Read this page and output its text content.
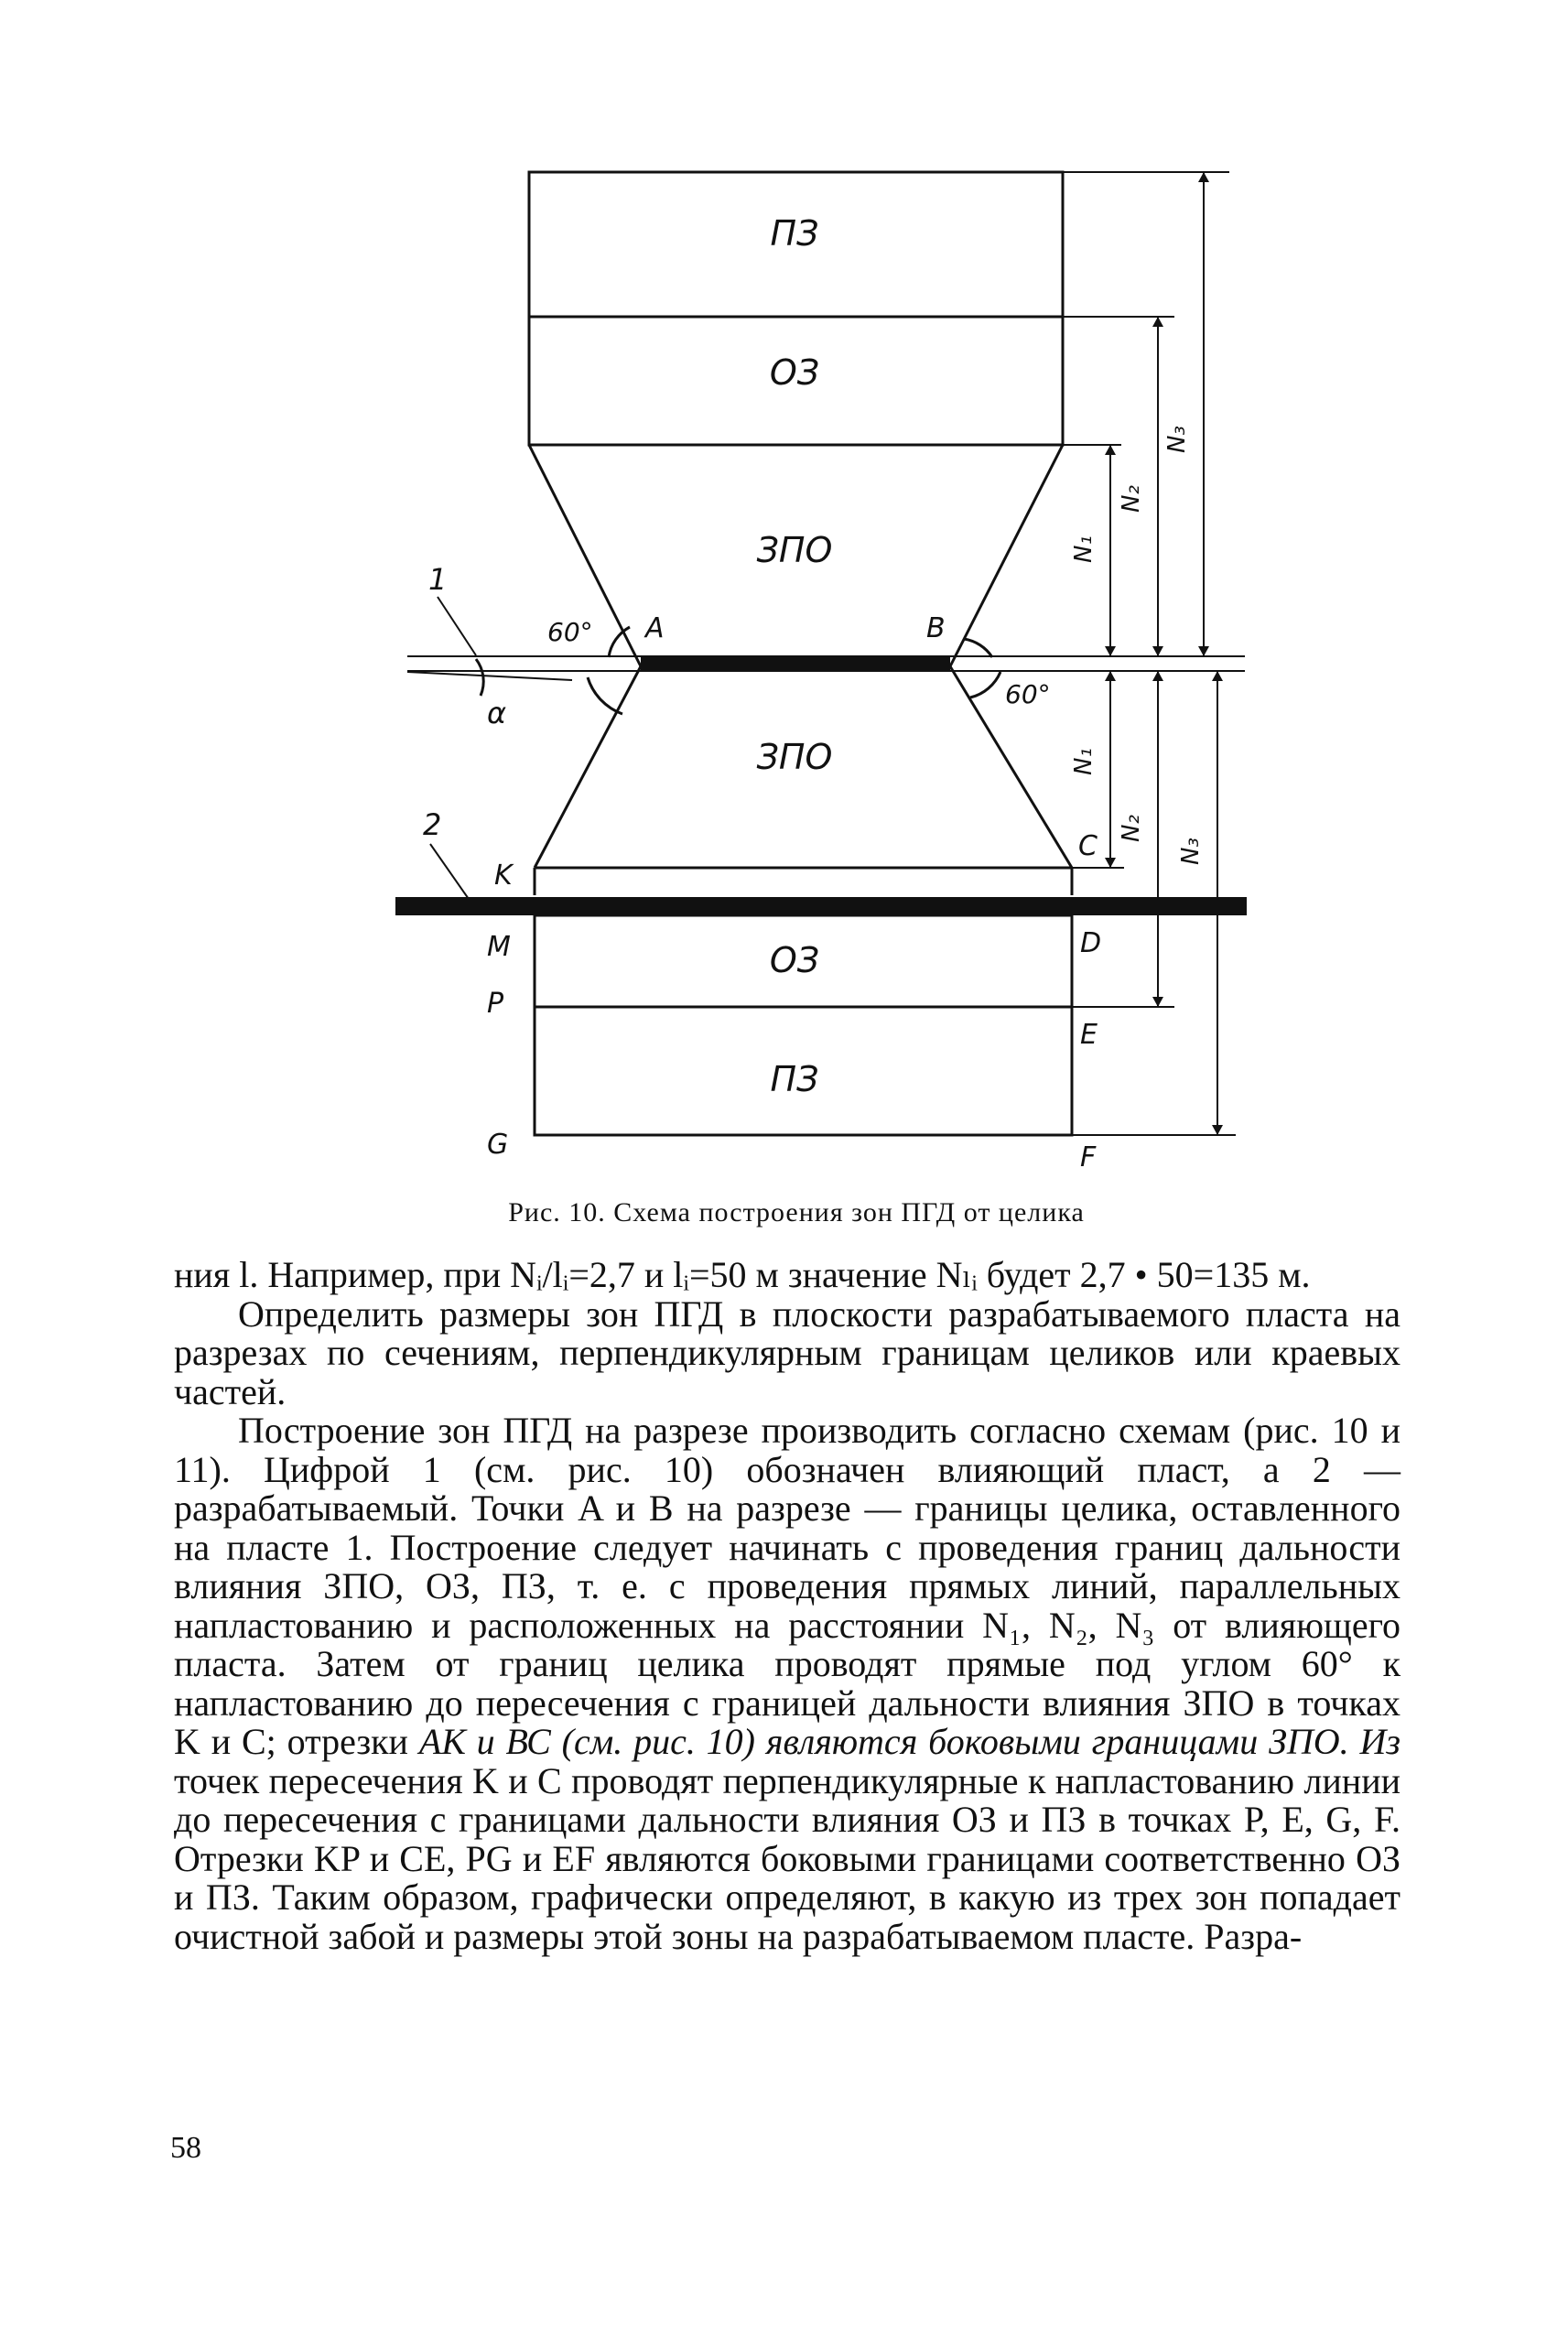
ПЗ
ОЗ
ЗПО
ЗПО
ОЗ
ПЗ
A	B
K
C
M	D
P
E
G	F
60°
60°
α
1
2
N₁
N₂
N₃
N₁
N₂
N₃
Рис. 10. Схема построения зон ПГД от целика

ния l. Например, при Nᵢ/lᵢ=2,7 и lᵢ=50 м значение Nₗᵢ будет 2,7 • 50=135 м.

Определить размеры зон ПГД в плоскости разрабатываемого пласта на разрезах по сечениям, перпендикулярным границам целиков или краевых частей.

Построение зон ПГД на разрезе производить согласно схемам (рис. 10 и 11). Цифрой 1 (см. рис. 10) обозначен влияющий пласт, а 2 — разрабатываемый. Точки A и B на разрезе — границы целика, оставленного на пласте 1. Построение следует начинать с проведения границ дальности влияния ЗПО, ОЗ, ПЗ, т. е. с проведения прямых линий, параллельных напластованию и расположенных на расстоянии N₁, N₂, N₃ от влияющего пласта. Затем от границ целика проводят прямые под углом 60° к напластованию до пересечения с границей дальности влияния ЗПО в точках K и C; отрезки АК и ВС (см. рис. 10) являются боковыми границами ЗПО. Из точек пересечения K и C проводят перпендикулярные к напластованию линии до пересечения с границами дальности влияния ОЗ и ПЗ в точках P, E, G, F. Отрезки KP и CE, PG и EF являются боковыми границами соответственно ОЗ и ПЗ. Таким образом, графически определяют, в какую из трех зон попадает очистной забой и размеры этой зоны на разрабатываемом пласте. Разра-

58
